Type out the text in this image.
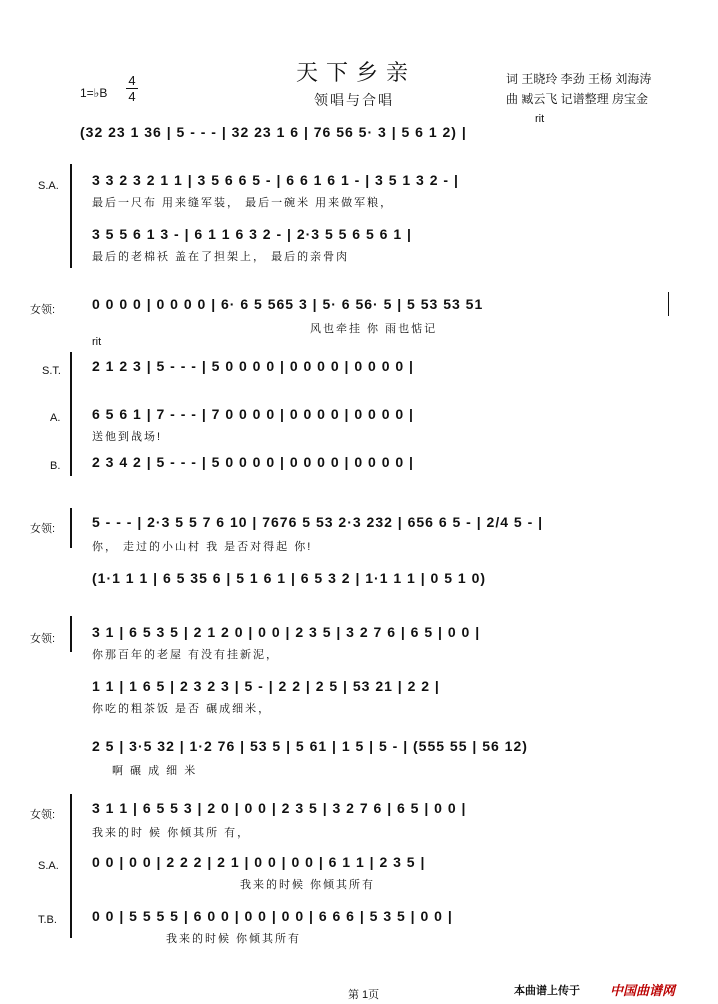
天下乡亲
领唱与合唱
1=♭B
4
4
词 王晓玲 李劲 王杨 刘海涛
曲 臧云飞 记谱整理 房宝金
(32 23 1 36 | 5 - - - | 32 23 1 6 | 76 56 5· 3 | 5 6 1 2) |
rit
S.A. 3 3 2 3 2 1 1 | 3 5 6 6 5 - | 6 6 1 6 1 - | 3 5 1 3 2 - |
最后一尺布 用来缝军装， 最后一碗米 用来做军粮，
3 5 5 6 1 3 - | 6 1 1 6 3 2 - | 2·3 5 5 6 5 6 1 |
最后的老棉袄 盖在了担架上， 最后的亲骨肉
女领:	0 0 0 0 | 0 0 0 0 | 6· 6 5 565 3 | 5· 6 56· 5 | 5 53 53 51
风也牵挂 你 雨也惦记
rit
S.T. 2 1 2 3 | 5 - - - | 5 0 0 0 0 | 0 0 0 0 | 0 0 0 0 |
A. 6 5 6 1 | 7 - - - | 7 0 0 0 0 | 0 0 0 0 | 0 0 0 0 |
送他到战场!
B. 2 3 4 2 | 5 - - - | 5 0 0 0 0 | 0 0 0 0 | 0 0 0 0 |
女领:	5 - - - | 2·3 5 5 7 6 10 | 7676 5 53 2·3 232 | 656 6 5 - | 2/4 5 - |
你， 走过的小山村 我 是否对得起 你!
(1·1 1 1 | 6 5 35 6 | 5 1 6 1 | 6 5 3 2 | 1·1 1 1 | 0 5 1 0)
女领:	3 1 | 6 5 3 5 | 2 1 2 0 | 0 0 | 2 3 5 | 3 2 7 6 | 6 5 | 0 0 |
你那百年的老屋 有没有挂新泥，
1 1 | 1 6 5 | 2 3 2 3 | 5 - | 2 2 | 2 5 | 53 21 | 2 2 |
你吃的粗茶饭 是否 碾成细米，
2 5 | 3·5 32 | 1·2 76 | 53 5 | 5 61 | 1 5 | 5 - | (555 55 | 56 12)
啊 碾 成 细 米
女领:	3 1 1 | 6 5 5 3 | 2 0 | 0 0 | 2 3 5 | 3 2 7 6 | 6 5 | 0 0 |
我来的时 候 你倾其所 有，
S.A. 0 0 | 0 0 | 2 2 2 | 2 1 | 0 0 | 0 0 | 6 1 1 | 2 3 5 |
我来的时候 你倾其所有
T.B.	0 0 | 5 5 5 5 | 6 0 0 | 0 0 | 0 0 | 6 6 6 | 5 3 5 | 0 0 |
我来的时候 你倾其所有
第 1页	本曲谱上传于 中国曲谱网
